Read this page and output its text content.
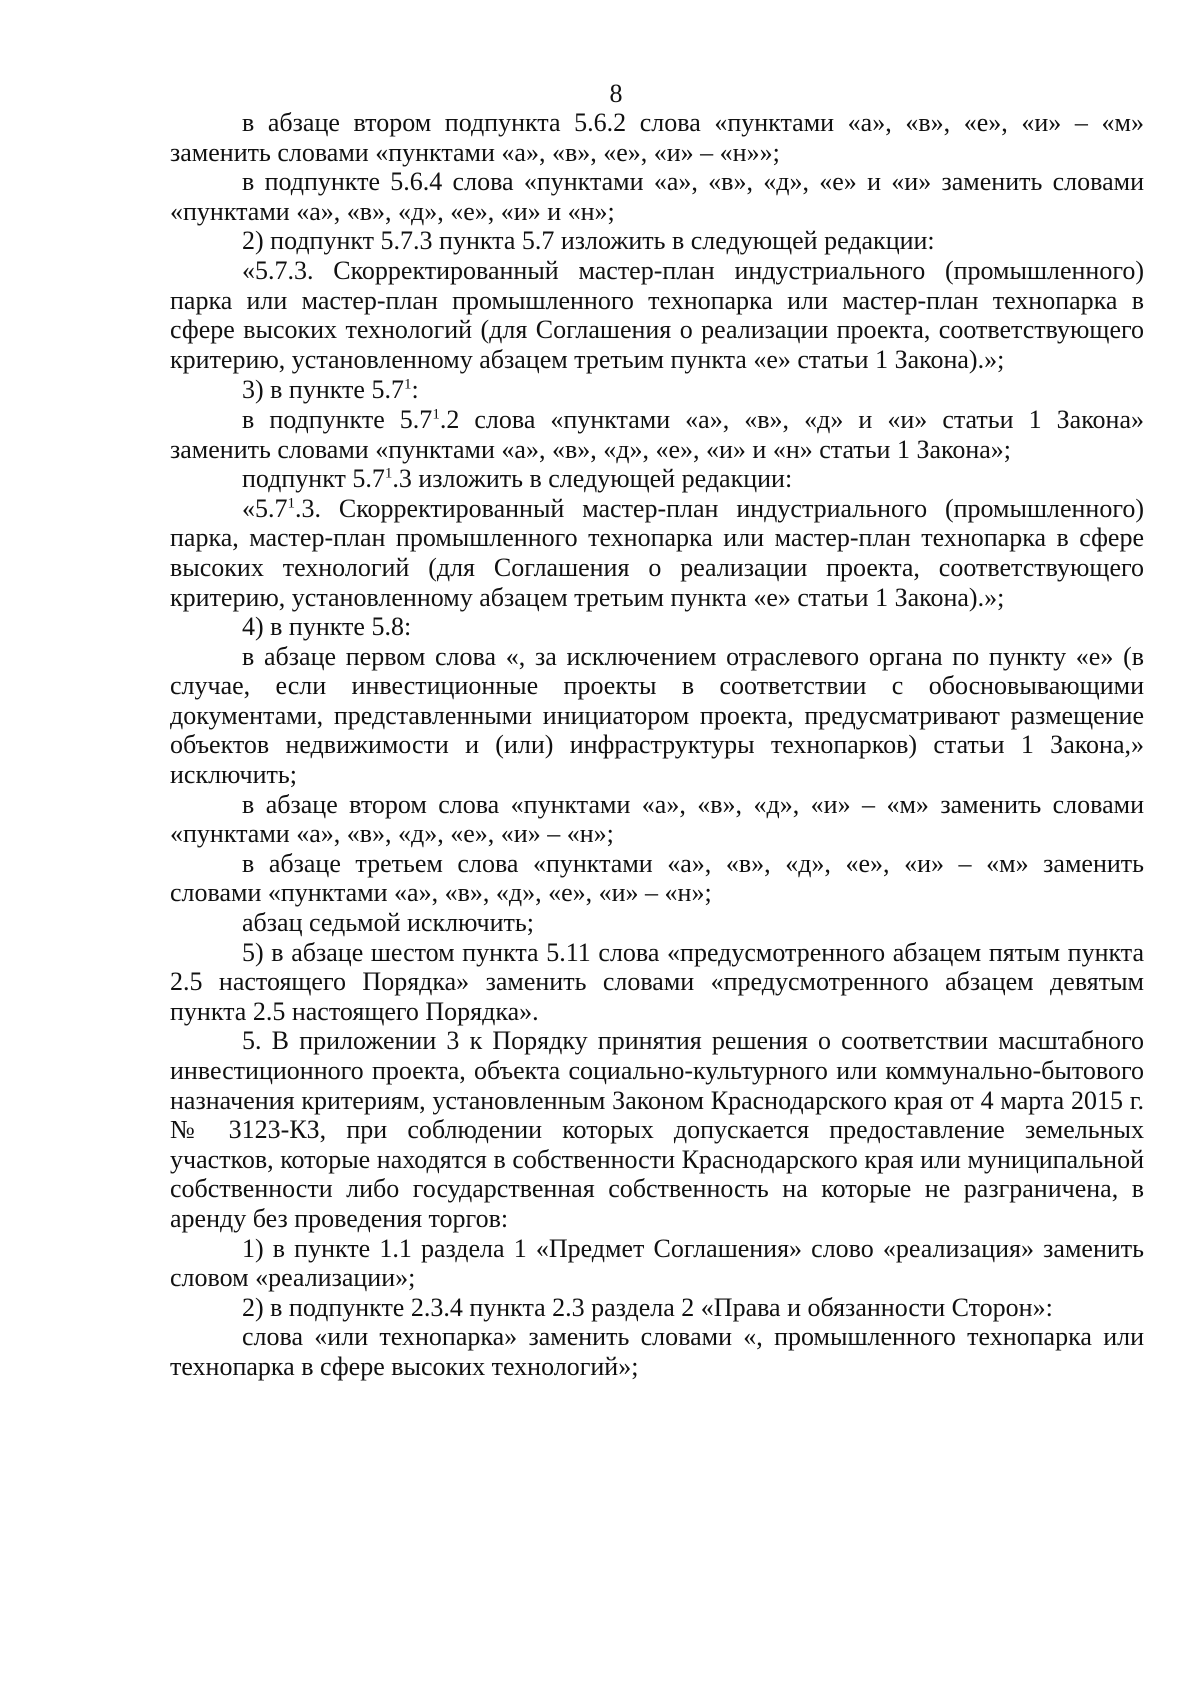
8

в абзаце втором подпункта 5.6.2 слова «пунктами «а», «в», «е», «и» – «м» заменить словами «пунктами «а», «в», «е», «и» – «н»»;

в подпункте 5.6.4 слова «пунктами «а», «в», «д», «е» и «и» заменить словами «пунктами «а», «в», «д», «е», «и» и «н»;

2) подпункт 5.7.3 пункта 5.7 изложить в следующей редакции:

«5.7.3. Скорректированный мастер-план индустриального (промышленного) парка или мастер-план промышленного технопарка или мастер-план технопарка в сфере высоких технологий (для Соглашения о реализации проекта, соответствующего критерию, установленному абзацем третьим пункта «е» статьи 1 Закона).»;

3) в пункте $5.7^1$:

в подпункте $5.7^1.2$ слова «пунктами «а», «в», «д» и «и» статьи 1 Закона» заменить словами «пунктами «а», «в», «д», «е», «и» и «н» статьи 1 Закона»;

подпункт $5.7^1.3$ изложить в следующей редакции:

«$5.7^1.3$. Скорректированный мастер-план индустриального (промышленного) парка, мастер-план промышленного технопарка или мастер-план технопарка в сфере высоких технологий (для Соглашения о реализации проекта, соответствующего критерию, установленному абзацем третьим пункта «е» статьи 1 Закона).»;

4) в пункте 5.8:

в абзаце первом слова «, за исключением отраслевого органа по пункту «е» (в случае, если инвестиционные проекты в соответствии с обосновывающими документами, представленными инициатором проекта, предусматривают размещение объектов недвижимости и (или) инфраструктуры технопарков) статьи 1 Закона,» исключить;

в абзаце втором слова «пунктами «а», «в», «д», «и» – «м» заменить словами «пунктами «а», «в», «д», «е», «и» – «н»;

в абзаце третьем слова «пунктами «а», «в», «д», «е», «и» – «м» заменить словами «пунктами «а», «в», «д», «е», «и» – «н»;

абзац седьмой исключить;

5) в абзаце шестом пункта 5.11 слова «предусмотренного абзацем пятым пункта 2.5 настоящего Порядка» заменить словами «предусмотренного абзацем девятым пункта 2.5 настоящего Порядка».

5. В приложении 3 к Порядку принятия решения о соответствии масштабного инвестиционного проекта, объекта социально-культурного или коммунально-бытового назначения критериям, установленным Законом Краснодарского края от 4 марта 2015 г. № 3123-КЗ, при соблюдении которых допускается предоставление земельных участков, которые находятся в собственности Краснодарского края или муниципальной собственности либо государственная собственность на которые не разграничена, в аренду без проведения торгов:

1) в пункте 1.1 раздела 1 «Предмет Соглашения» слово «реализация» заменить словом «реализации»;

2) в подпункте 2.3.4 пункта 2.3 раздела 2 «Права и обязанности Сторон»:

слова «или технопарка» заменить словами «, промышленного технопарка или технопарка в сфере высоких технологий»;
